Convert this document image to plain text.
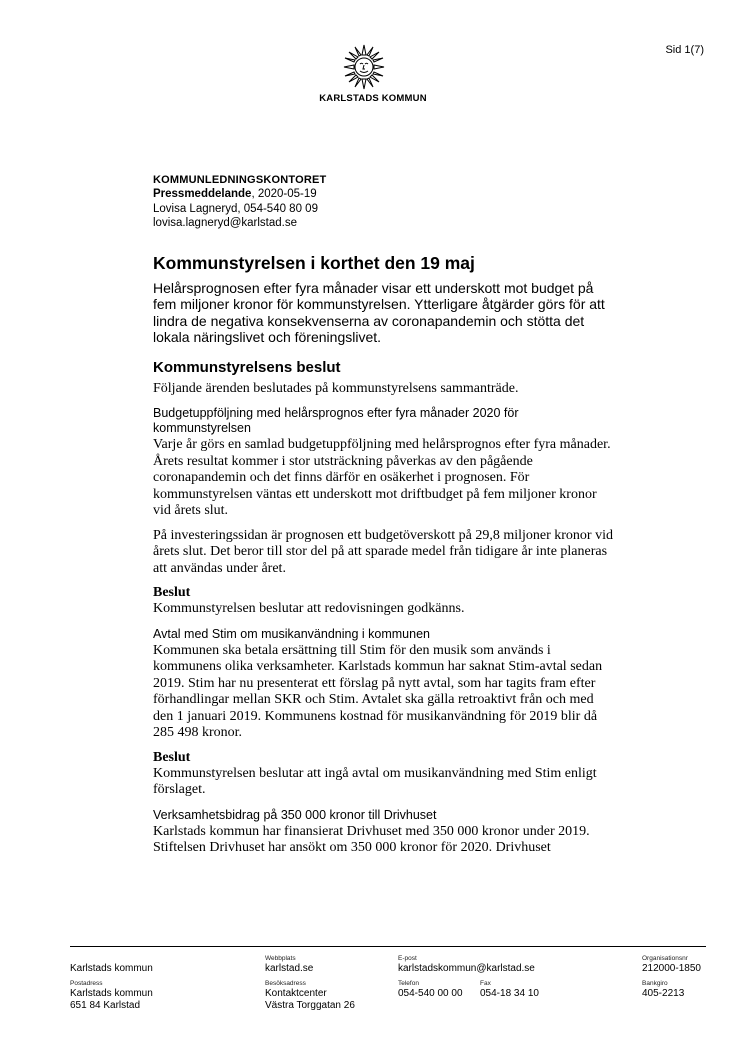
Sid 1(7)
KARLSTADS KOMMUN
KOMMUNLEDNINGSKONTORET
Pressmeddelande, 2020-05-19
Lovisa Lagneryd, 054-540 80 09
lovisa.lagneryd@karlstad.se
Kommunstyrelsen i korthet den 19 maj

Helårsprognosen efter fyra månader visar ett underskott mot budget på fem miljoner kronor för kommunstyrelsen. Ytterligare åtgärder görs för att lindra de negativa konsekvenserna av coronapandemin och stötta det lokala näringslivet och föreningslivet.

Kommunstyrelsens beslut

Följande ärenden beslutades på kommunstyrelsens sammanträde.

Budgetuppföljning med helårsprognos efter fyra månader 2020 för kommunstyrelsen

Varje år görs en samlad budgetuppföljning med helårsprognos efter fyra månader. Årets resultat kommer i stor utsträckning påverkas av den pågående coronapandemin och det finns därför en osäkerhet i prognosen. För kommunstyrelsen väntas ett underskott mot driftbudget på fem miljoner kronor vid årets slut.

På investeringssidan är prognosen ett budgetöverskott på 29,8 miljoner kronor vid årets slut. Det beror till stor del på att sparade medel från tidigare år inte planeras att användas under året.

Beslut

Kommunstyrelsen beslutar att redovisningen godkänns.

Avtal med Stim om musikanvändning i kommunen

Kommunen ska betala ersättning till Stim för den musik som används i kommunens olika verksamheter. Karlstads kommun har saknat Stim-avtal sedan 2019. Stim har nu presenterat ett förslag på nytt avtal, som har tagits fram efter förhandlingar mellan SKR och Stim. Avtalet ska gälla retroaktivt från och med den 1 januari 2019. Kommunens kostnad för musikanvändning för 2019 blir då 285 498 kronor.

Beslut

Kommunstyrelsen beslutar att ingå avtal om musikanvändning med Stim enligt förslaget.

Verksamhetsbidrag på 350 000 kronor till Drivhuset

Karlstads kommun har finansierat Drivhuset med 350 000 kronor under 2019. Stiftelsen Drivhuset har ansökt om 350 000 kronor för 2020. Drivhuset

Karlstads kommun
Webbplats
karlstad.se
E-post
karlstadskommun@karlstad.se
Organisationsnr
212000-1850
Postadress
Karlstads kommun
651 84 Karlstad
Besöksadress
Kontaktcenter
Västra Torggatan 26
Telefon
054-540 00 00
Fax
054-18 34 10
Bankgiro
405-2213
